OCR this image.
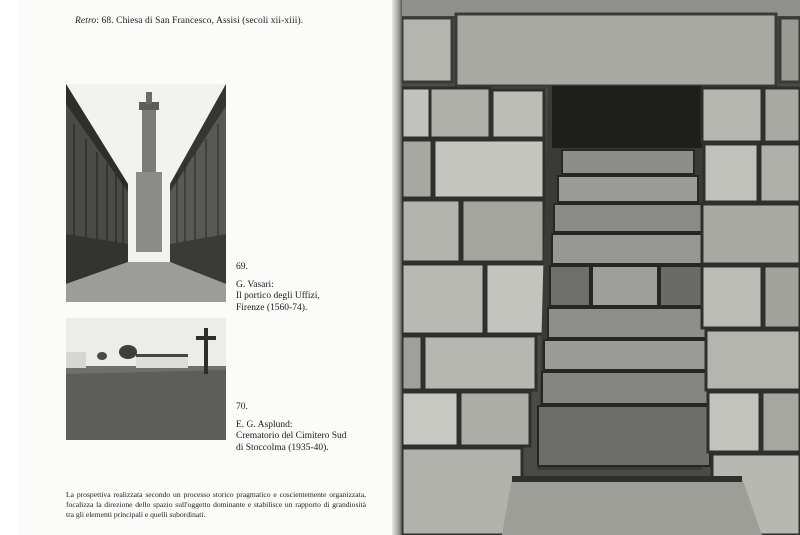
Retro: 68. Chiesa di San Francesco, Assisi (secoli xii-xiii).
69.
G. Vasari:
Il portico degli Uffizi,
Firenze (1560-74).
70.
E. G. Asplund:
Crematorio del Cimitero Sud
di Stoccolma (1935-40).
La prospettiva realizzata secondo un processo storico pragmatico e coscientemente organizzata, focalizza la direzione dello spazio sull'oggetto dominante e stabilisce un rapporto di grandiosità tra gli elementi principali e quelli subordinati.
